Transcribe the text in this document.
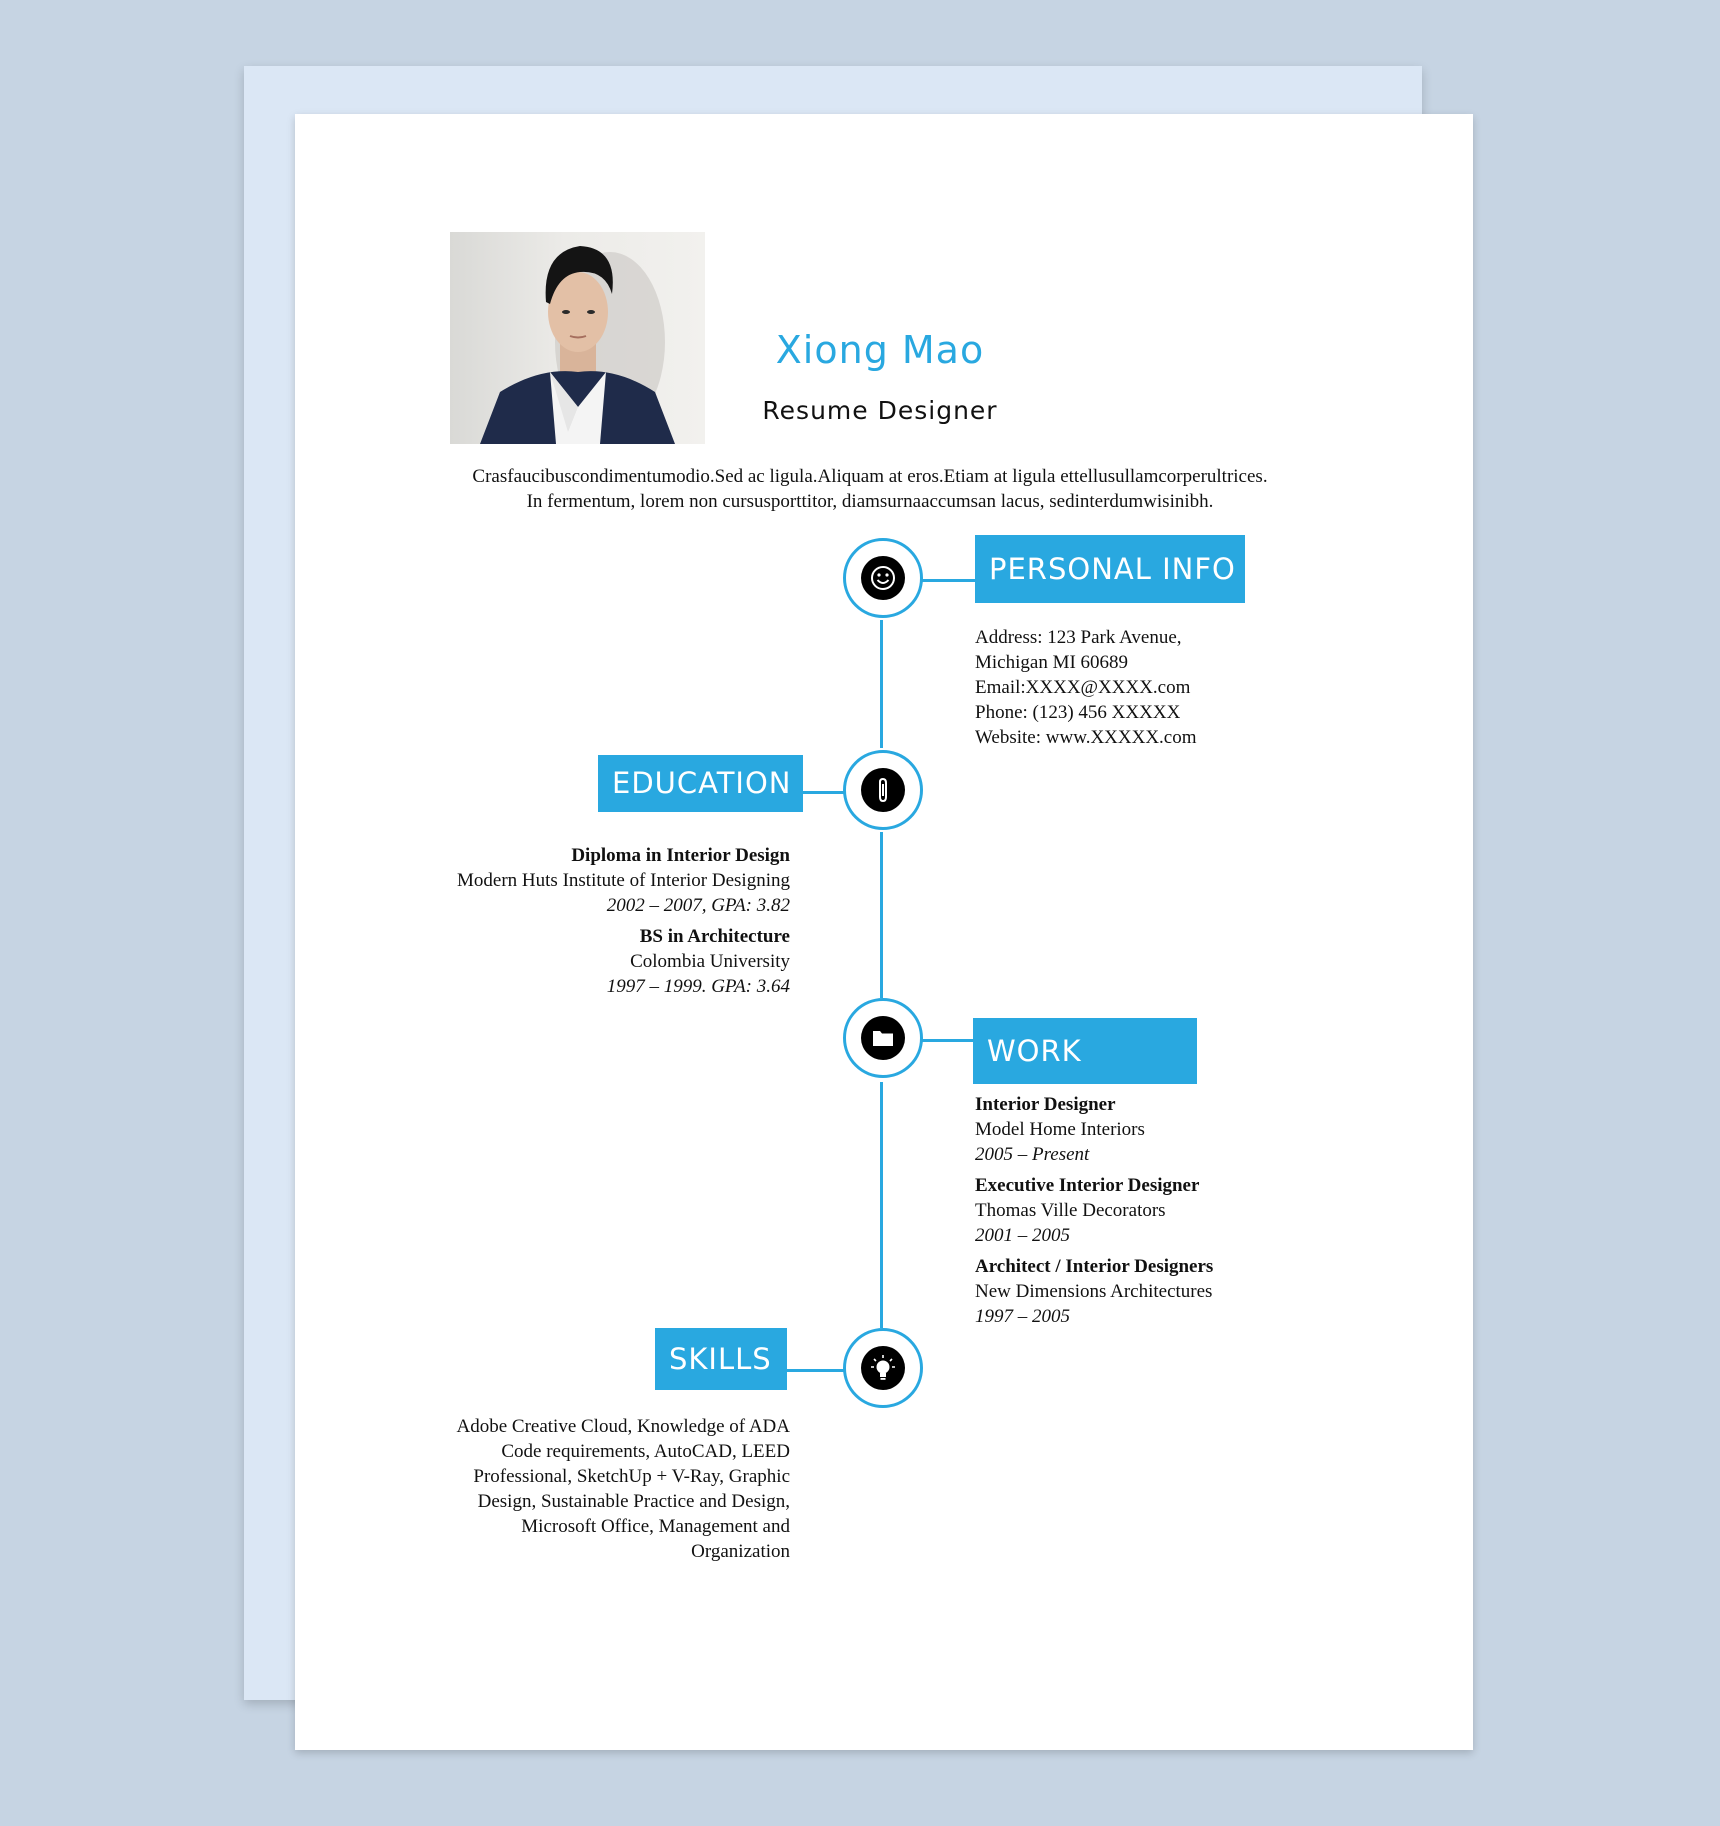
Xiong Mao
Resume Designer
Crasfaucibuscondimentumodio.Sed ac ligula.Aliquam at eros.Etiam at ligula ettellusullamcorperultrices.
In fermentum, lorem non cursusporttitor, diamsurnaaccumsan lacus, sedinterdumwisinibh.
PERSONAL INFO
EDUCATION
WORK
SKILLS
Address: 123 Park Avenue,
Michigan MI 60689
Email:XXXX@XXXX.com
Phone: (123) 456 XXXXX
Website: www.XXXXX.com
Diploma in Interior Design
Modern Huts Institute of Interior Designing
2002 – 2007, GPA: 3.82
BS in Architecture
Colombia University
1997 – 1999. GPA: 3.64
Interior Designer
Model Home Interiors
2005 – Present
Executive Interior Designer
Thomas Ville Decorators
2001 – 2005
Architect / Interior Designers
New Dimensions Architectures
1997 – 2005
Adobe Creative Cloud, Knowledge of ADA
Code requirements, AutoCAD, LEED
Professional, SketchUp + V-Ray, Graphic
Design, Sustainable Practice and Design,
Microsoft Office, Management and
Organization
